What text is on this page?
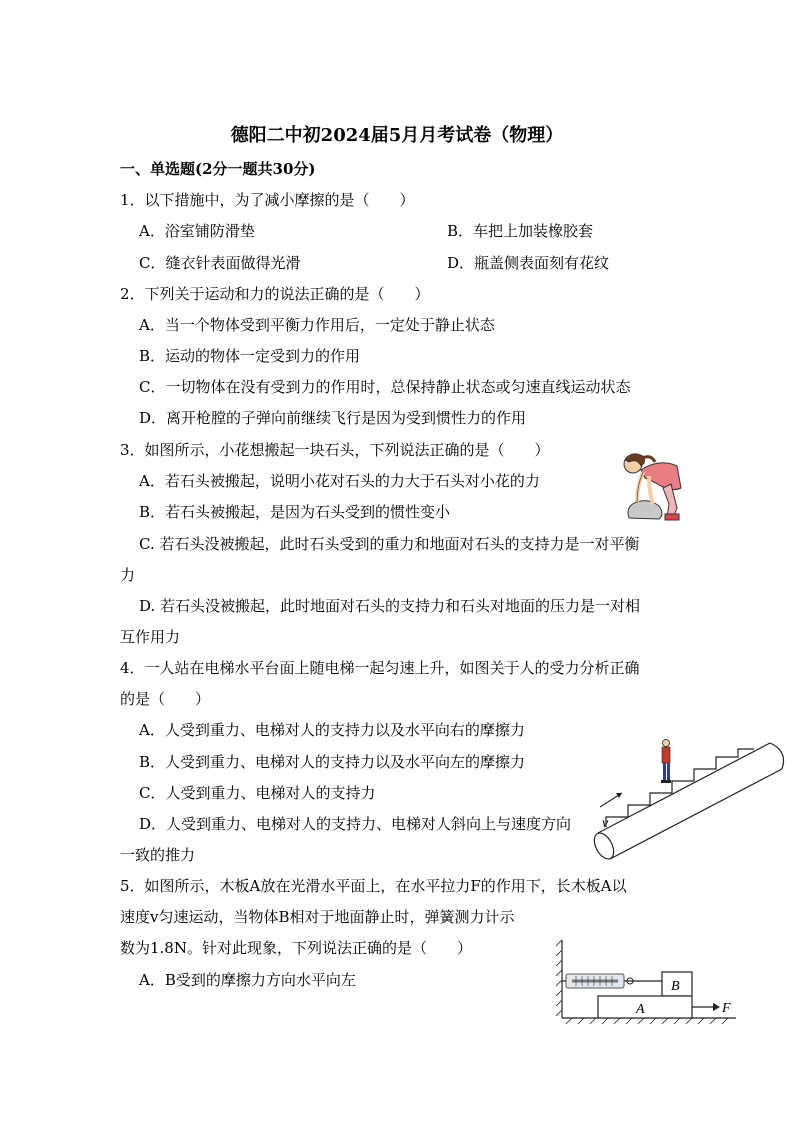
德阳二中初2024届5月月考试卷（物理）
一、单选题(2分一题共30分)
1．以下措施中，为了减小摩擦的是（　　）
A．浴室铺防滑垫	B．车把上加装橡胶套
C．缝衣针表面做得光滑	D．瓶盖侧表面刻有花纹
2．下列关于运动和力的说法正确的是（　　）
A．当一个物体受到平衡力作用后，一定处于静止状态
B．运动的物体一定受到力的作用
C．一切物体在没有受到力的作用时，总保持静止状态或匀速直线运动状态
D．离开枪膛的子弹向前继续飞行是因为受到惯性力的作用
3．如图所示，小花想搬起一块石头，下列说法正确的是（　　）
A．若石头被搬起，说明小花对石头的力大于石头对小花的力
B．若石头被搬起，是因为石头受到的惯性变小
C. 若石头没被搬起，此时石头受到的重力和地面对石头的支持力是一对平衡
力
D. 若石头没被搬起，此时地面对石头的支持力和石头对地面的压力是一对相
互作用力
4．一人站在电梯水平台面上随电梯一起匀速上升，如图关于人的受力分析正确
的是（　　）
A．人受到重力、电梯对人的支持力以及水平向右的摩擦力
B．人受到重力、电梯对人的支持力以及水平向左的摩擦力
C．人受到重力、电梯对人的支持力
D．人受到重力、电梯对人的支持力、电梯对人斜向上与速度方向
一致的推力
v
5．如图所示，木板A放在光滑水平面上，在水平拉力F的作用下，长木板A以
速度v匀速运动，当物体B相对于地面静止时，弹簧测力计示
数为1.8N。针对此现象，下列说法正确的是（　　）
A．B受到的摩擦力方向水平向左	B
A	F
